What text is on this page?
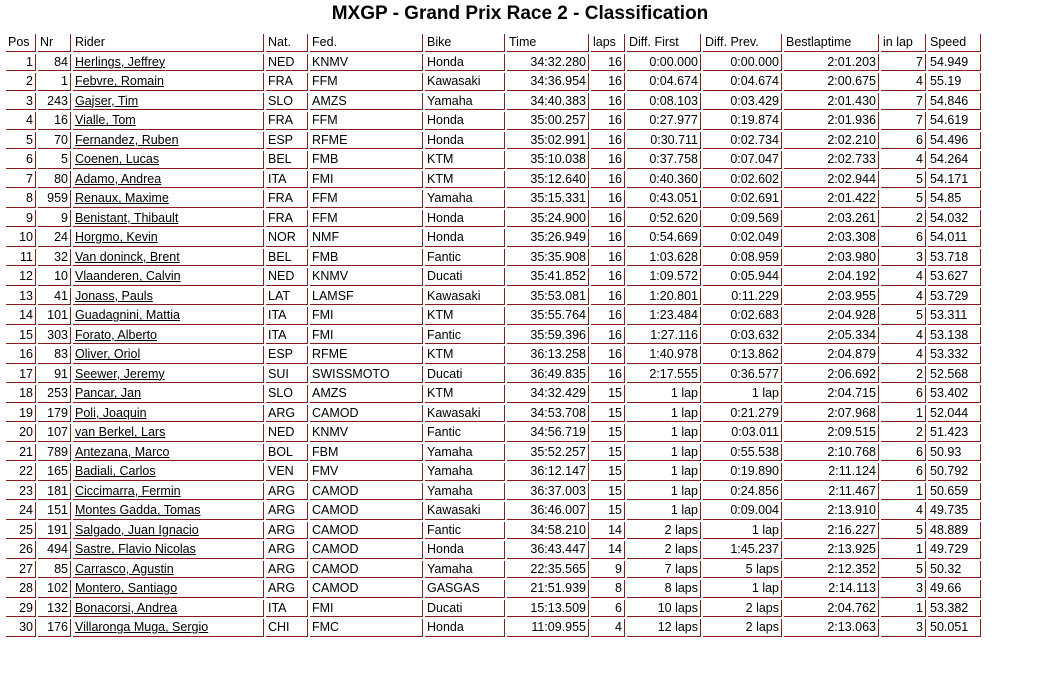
MXGP - Grand Prix Race 2 - Classification
Pos	Nr	Rider	Nat.	Fed.	Bike	Time	laps	Diff. First	Diff. Prev.	Bestlaptime	in lap	Speed
1	84	Herlings, Jeffrey	NED	KNMV	Honda	34:32.280	16	0:00.000	0:00.000	2:01.203	7	54.949
2	1	Febvre, Romain	FRA	FFM	Kawasaki	34:36.954	16	0:04.674	0:04.674	2:00.675	4	55.19
3	243	Gajser, Tim	SLO	AMZS	Yamaha	34:40.383	16	0:08.103	0:03.429	2:01.430	7	54.846
4	16	Vialle, Tom	FRA	FFM	Honda	35:00.257	16	0:27.977	0:19.874	2:01.936	7	54.619
5	70	Fernandez, Ruben	ESP	RFME	Honda	35:02.991	16	0:30.711	0:02.734	2:02.210	6	54.496
6	5	Coenen, Lucas	BEL	FMB	KTM	35:10.038	16	0:37.758	0:07.047	2:02.733	4	54.264
7	80	Adamo, Andrea	ITA	FMI	KTM	35:12.640	16	0:40.360	0:02.602	2:02.944	5	54.171
8	959	Renaux, Maxime	FRA	FFM	Yamaha	35:15.331	16	0:43.051	0:02.691	2:01.422	5	54.85
9	9	Benistant, Thibault	FRA	FFM	Honda	35:24.900	16	0:52.620	0:09.569	2:03.261	2	54.032
10	24	Horgmo, Kevin	NOR	NMF	Honda	35:26.949	16	0:54.669	0:02.049	2:03.308	6	54.011
11	32	Van doninck, Brent	BEL	FMB	Fantic	35:35.908	16	1:03.628	0:08.959	2:03.980	3	53.718
12	10	Vlaanderen, Calvin	NED	KNMV	Ducati	35:41.852	16	1:09.572	0:05.944	2:04.192	4	53.627
13	41	Jonass, Pauls	LAT	LAMSF	Kawasaki	35:53.081	16	1:20.801	0:11.229	2:03.955	4	53.729
14	101	Guadagnini, Mattia	ITA	FMI	KTM	35:55.764	16	1:23.484	0:02.683	2:04.928	5	53.311
15	303	Forato, Alberto	ITA	FMI	Fantic	35:59.396	16	1:27.116	0:03.632	2:05.334	4	53.138
16	83	Oliver, Oriol	ESP	RFME	KTM	36:13.258	16	1:40.978	0:13.862	2:04.879	4	53.332
17	91	Seewer, Jeremy	SUI	SWISSMOTO	Ducati	36:49.835	16	2:17.555	0:36.577	2:06.692	2	52.568
18	253	Pancar, Jan	SLO	AMZS	KTM	34:32.429	15	1 lap	1 lap	2:04.715	6	53.402
19	179	Poli, Joaquin	ARG	CAMOD	Kawasaki	34:53.708	15	1 lap	0:21.279	2:07.968	1	52.044
20	107	van Berkel, Lars	NED	KNMV	Fantic	34:56.719	15	1 lap	0:03.011	2:09.515	2	51.423
21	789	Antezana, Marco	BOL	FBM	Yamaha	35:52.257	15	1 lap	0:55.538	2:10.768	6	50.93
22	165	Badiali, Carlos	VEN	FMV	Yamaha	36:12.147	15	1 lap	0:19.890	2:11.124	6	50.792
23	181	Ciccimarra, Fermin	ARG	CAMOD	Yamaha	36:37.003	15	1 lap	0:24.856	2:11.467	1	50.659
24	151	Montes Gadda, Tomas	ARG	CAMOD	Kawasaki	36:46.007	15	1 lap	0:09.004	2:13.910	4	49.735
25	191	Salgado, Juan Ignacio	ARG	CAMOD	Fantic	34:58.210	14	2 laps	1 lap	2:16.227	5	48.889
26	494	Sastre, Flavio Nicolas	ARG	CAMOD	Honda	36:43.447	14	2 laps	1:45.237	2:13.925	1	49.729
27	85	Carrasco, Agustin	ARG	CAMOD	Yamaha	22:35.565	9	7 laps	5 laps	2:12.352	5	50.32
28	102	Montero, Santiago	ARG	CAMOD	GASGAS	21:51.939	8	8 laps	1 lap	2:14.113	3	49.66
29	132	Bonacorsi, Andrea	ITA	FMI	Ducati	15:13.509	6	10 laps	2 laps	2:04.762	1	53.382
30	176	Villaronga Muga, Sergio	CHI	FMC	Honda	11:09.955	4	12 laps	2 laps	2:13.063	3	50.051
